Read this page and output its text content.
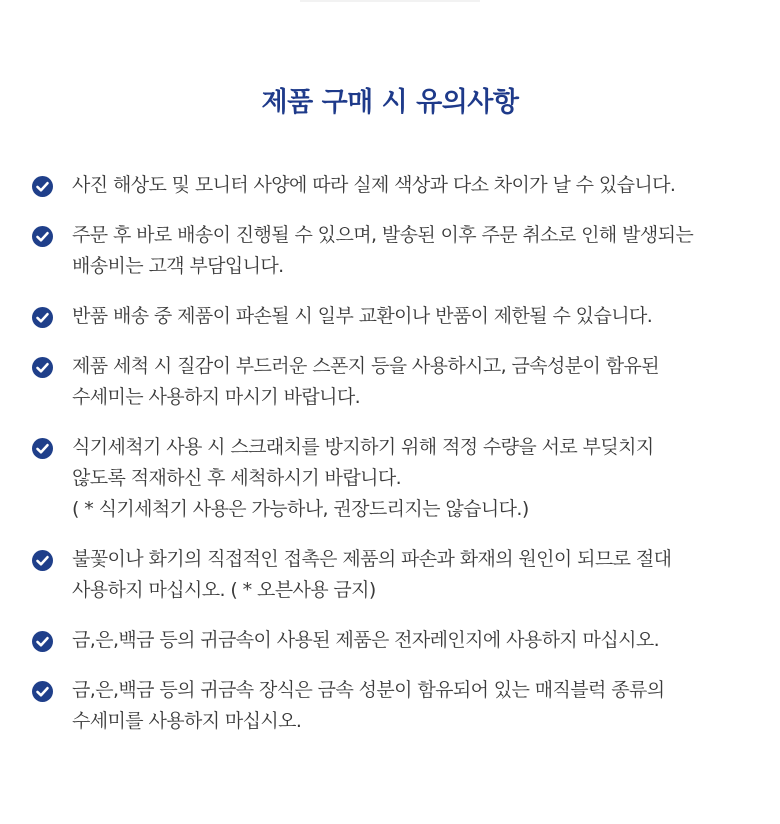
제품 구매 시 유의사항
사진 해상도 및 모니터 사양에 따라 실제 색상과 다소 차이가 날 수 있습니다.
주문 후 바로 배송이 진행될 수 있으며, 발송된 이후 주문 취소로 인해 발생되는
배송비는 고객 부담입니다.
반품 배송 중 제품이 파손될 시 일부 교환이나 반품이 제한될 수 있습니다.
제품 세척 시 질감이 부드러운 스폰지 등을 사용하시고, 금속성분이 함유된
수세미는 사용하지 마시기 바랍니다.
식기세척기 사용 시 스크래치를 방지하기 위해 적정 수량을 서로 부딪치지
않도록 적재하신 후 세척하시기 바랍니다.
( * 식기세척기 사용은 가능하나, 권장드리지는 않습니다.)
불꽃이나 화기의 직접적인 접촉은 제품의 파손과 화재의 원인이 되므로 절대
사용하지 마십시오. ( * 오븐사용 금지)
금,은,백금 등의 귀금속이 사용된 제품은 전자레인지에 사용하지 마십시오.
금,은,백금 등의 귀금속 장식은 금속 성분이 함유되어 있는 매직블럭 종류의
수세미를 사용하지 마십시오.
